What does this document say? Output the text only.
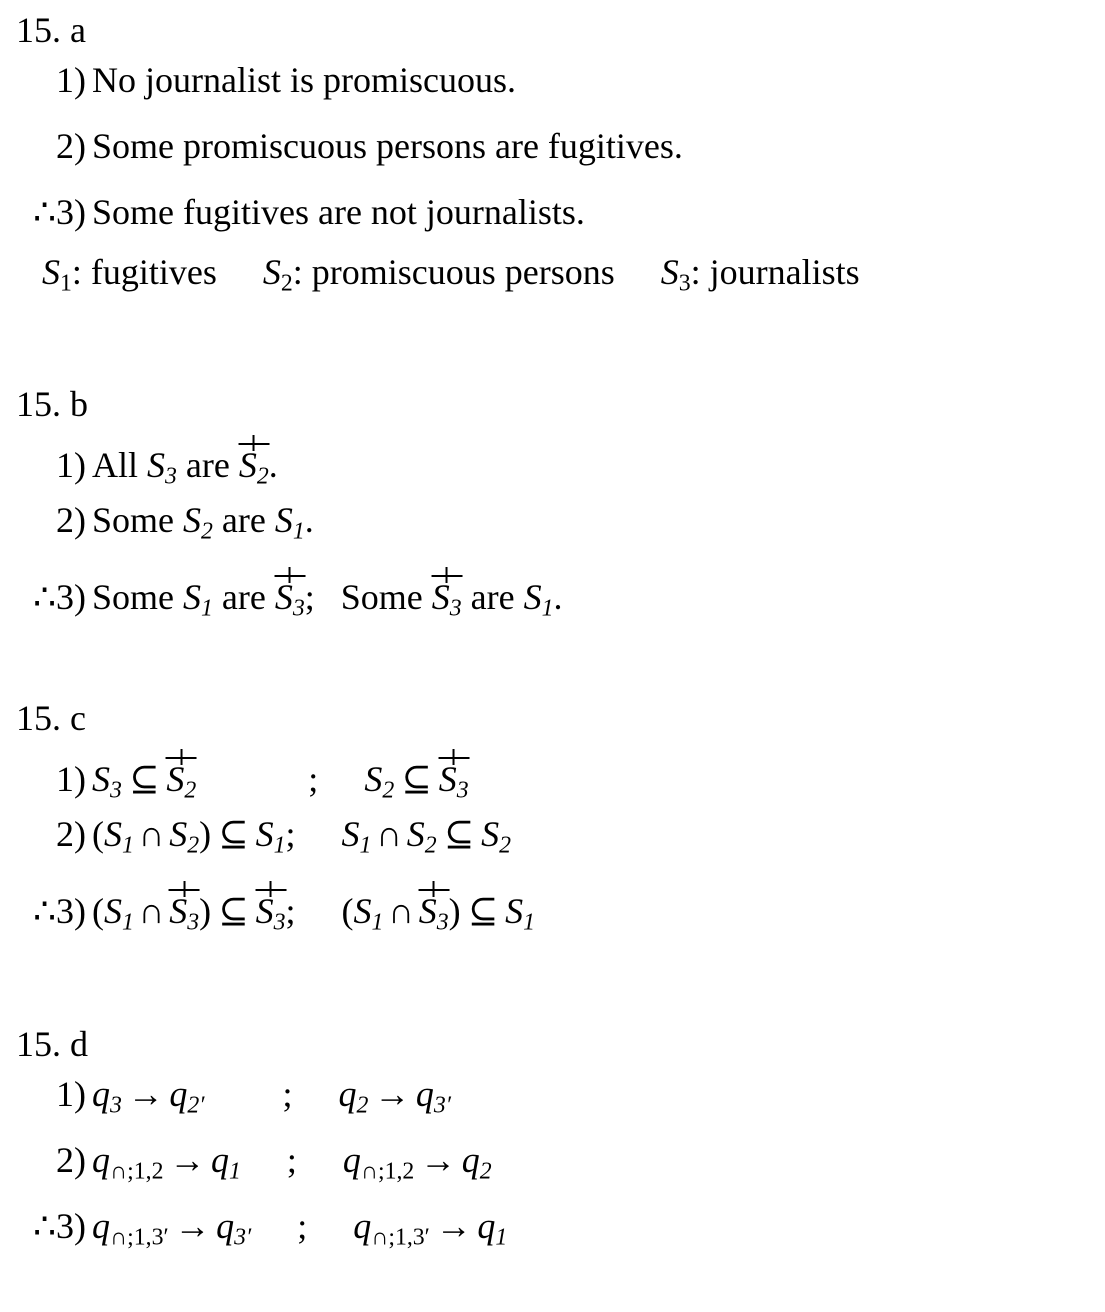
15. a
1) No journalist is promiscuous.
2) Some promiscuous persons are fugitives.
∴3) Some fugitives are not journalists.
$S_1$: fugitives $S_2$: promiscuous persons $S_3$: journalists
15. b
1) All $S_3$ are $S_2$.
2) Some $S_2$ are $S_1$.
∴3) Some $S_1$ are $S_3$; Some $S_3$ are $S_1$.
15. c
1) $S_3$ ⊆ $S_2$	; $S_2$ ⊆ $S_3$
2) ($S_1$ ∩ $S_2$) ⊆ $S_1$; $S_1$ ∩ $S_2$ ⊆ $S_2$
∴3) ($S_1$ ∩ $S_3$) ⊆ $S_3$; ($S_1$ ∩ $S_3$) ⊆ $S_1$
15. d
1) $q_3 \to q_{2'}$ ; $q_2 \to q_{3'}$
2) $q_{\cap;1,2} \to q_1$ ; $q_{\cap;1,2} \to q_2$
∴3) $q_{\cap;1,3'} \to q_{3'}$ ; $q_{\cap;1,3'} \to q_1$
